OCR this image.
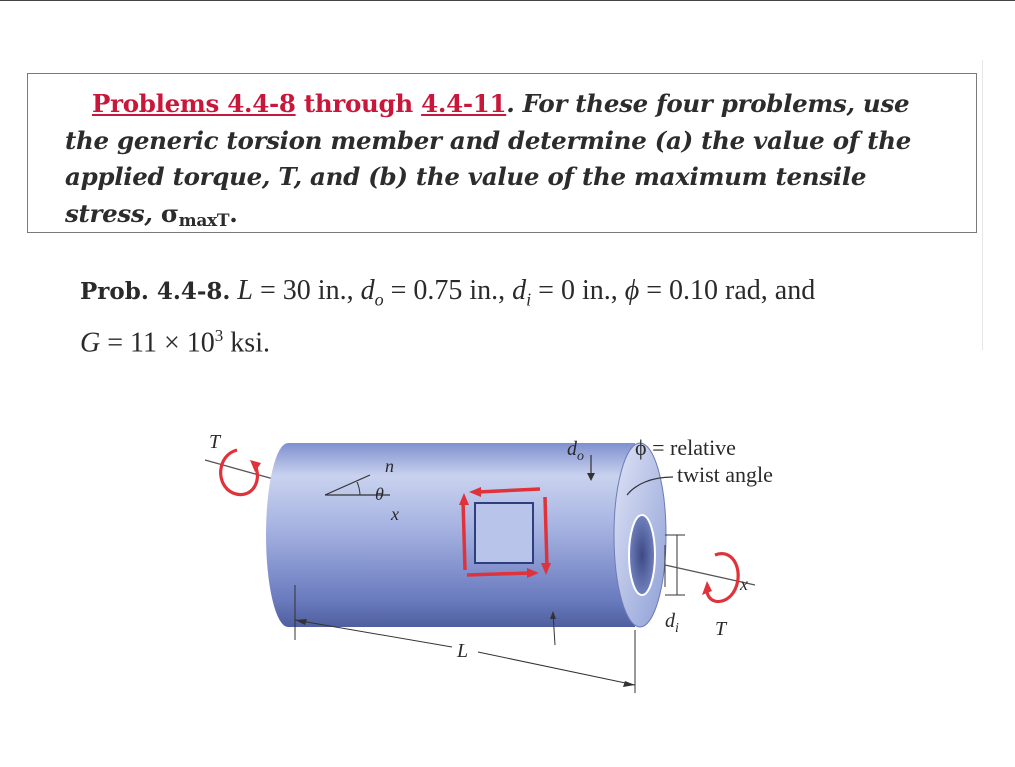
Problems 4.4-8 through 4.4-11. For these four problems, use
the generic torsion member and determine (a) the value of the
applied torque, T, and (b) the value of the maximum tensile
stress, σmaxT.
Prob. 4.4-8. L = 30 in., $d_o = 0.75$ in., $d_i = 0$ in., ϕ = 0.10 rad, and
$G = 11 \times 10^3$ ksi.
T
n
θ
x
$d_o$ ϕ = relative
twist angle
$d_i$
x
T
L
